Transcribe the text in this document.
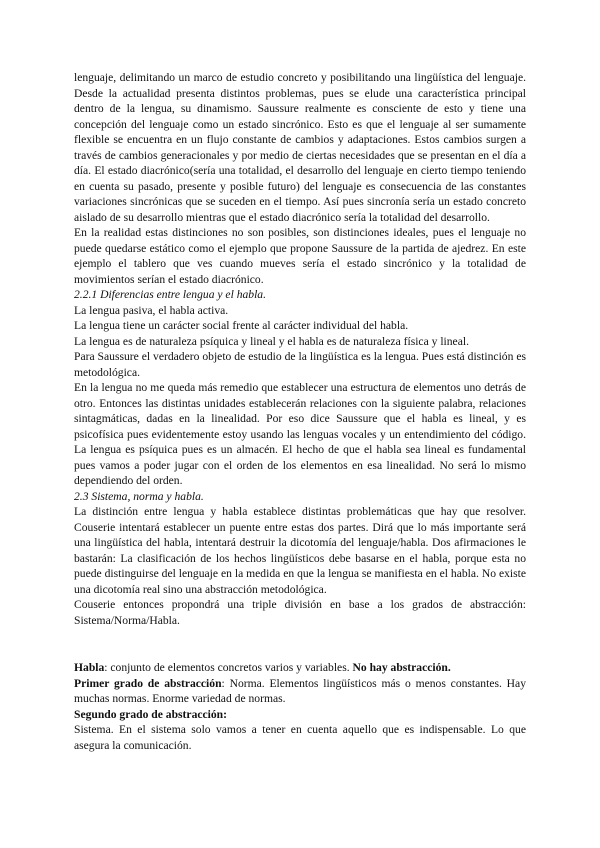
lenguaje, delimitando un marco de estudio concreto y posibilitando una lingüística del lenguaje. Desde la actualidad presenta distintos problemas, pues se elude una característica principal dentro de la lengua, su dinamismo. Saussure realmente es consciente de esto y tiene una concepción del lenguaje como un estado sincrónico. Esto es que el lenguaje al ser sumamente flexible se encuentra en un flujo constante de cambios y adaptaciones. Estos cambios surgen a través de cambios generacionales y por medio de ciertas necesidades que se presentan en el día a día. El estado diacrónico(sería una totalidad, el desarrollo del lenguaje en cierto tiempo teniendo en cuenta su pasado, presente y posible futuro) del lenguaje es consecuencia de las constantes variaciones sincrónicas que se suceden en el tiempo. Así pues sincronía sería un estado concreto aislado de su desarrollo mientras que el estado diacrónico sería la totalidad del desarrollo.

En la realidad estas distinciones no son posibles, son distinciones ideales, pues el lenguaje no puede quedarse estático como el ejemplo que propone Saussure de la partida de ajedrez. En este ejemplo el tablero que ves cuando mueves sería el estado sincrónico y la totalidad de movimientos serían el estado diacrónico.

2.2.1 Diferencias entre lengua y el habla.

La lengua pasiva, el habla activa.

La lengua tiene un carácter social frente al carácter individual del habla.

La lengua es de naturaleza psíquica y lineal y el habla es de naturaleza física y lineal.

Para Saussure el verdadero objeto de estudio de la lingüística es la lengua. Pues está distinción es metodológica.

En la lengua no me queda más remedio que establecer una estructura de elementos uno detrás de otro. Entonces las distintas unidades establecerán relaciones con la siguiente palabra, relaciones sintagmáticas, dadas en la linealidad. Por eso dice Saussure que el habla es lineal, y es psicofísica pues evidentemente estoy usando las lenguas vocales y un entendimiento del código. La lengua es psíquica pues es un almacén. El hecho de que el habla sea lineal es fundamental pues vamos a poder jugar con el orden de los elementos en esa linealidad. No será lo mismo dependiendo del orden.

2.3 Sistema, norma y habla.

La distinción entre lengua y habla establece distintas problemáticas que hay que resolver. Couserie intentará establecer un puente entre estas dos partes. Dirá que lo más importante será una lingüística del habla, intentará destruir la dicotomía del lenguaje/habla. Dos afirmaciones le bastarán: La clasificación de los hechos lingüísticos debe basarse en el habla, porque esta no puede distinguirse del lenguaje en la medida en que la lengua se manifiesta en el habla. No existe una dicotomía real sino una abstracción metodológica.

Couserie entonces propondrá una triple división en base a los grados de abstracción: Sistema/Norma/Habla.

Habla: conjunto de elementos concretos varios y variables. No hay abstracción.

Primer grado de abstracción: Norma. Elementos lingüísticos más o menos constantes. Hay muchas normas. Enorme variedad de normas.

Segundo grado de abstracción:

Sistema. En el sistema solo vamos a tener en cuenta aquello que es indispensable. Lo que asegura la comunicación.
